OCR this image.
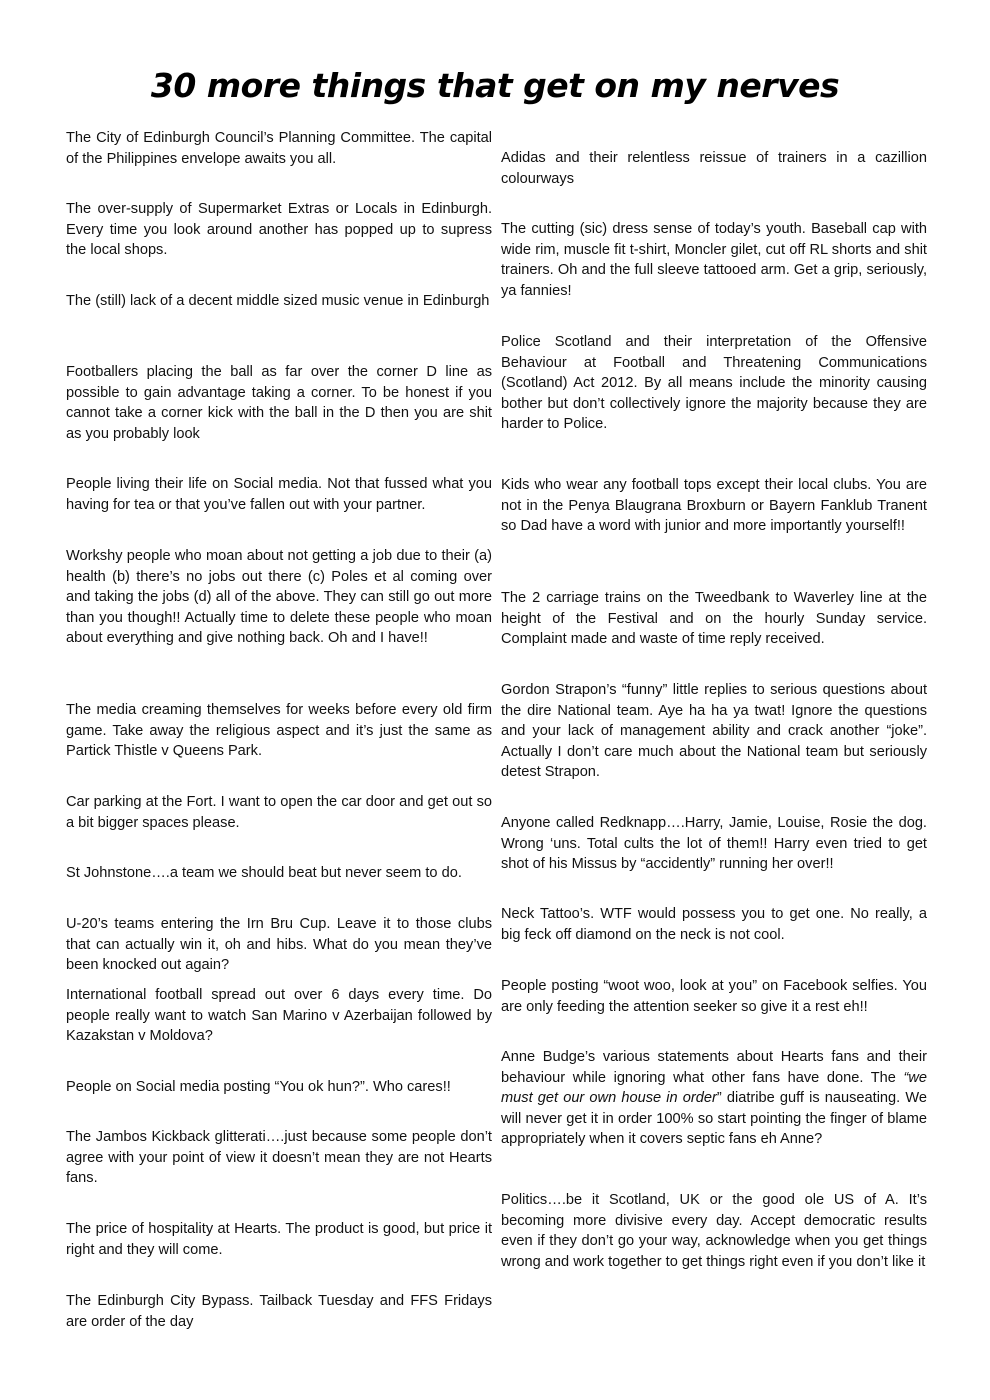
30 more things that get on my nerves

The City of Edinburgh Council’s Planning Committee. The capital of the Philippines envelope awaits you all.

The over-supply of Supermarket Extras or Locals in Edinburgh. Every time you look around another has popped up to supress the local shops.

The (still) lack of a decent middle sized music venue in Edinburgh

Footballers placing the ball as far over the corner D line as possible to gain advantage taking a corner. To be honest if you cannot take a corner kick with the ball in the D then you are shit as you probably look

People living their life on Social media. Not that fussed what you having for tea or that you’ve fallen out with your partner.

Workshy people who moan about not getting a job due to their (a) health (b) there’s no jobs out there (c) Poles et al coming over and taking the jobs (d) all of the above. They can still go out more than you though!! Actually time to delete these people who moan about everything and give nothing back. Oh and I have!!

The media creaming themselves for weeks before every old firm game. Take away the religious aspect and it’s just the same as Partick Thistle v Queens Park.

Car parking at the Fort. I want to open the car door and get out so a bit bigger spaces please.

St Johnstone….a team we should beat but never seem to do.

U-20’s teams entering the Irn Bru Cup. Leave it to those clubs that can actually win it, oh and hibs. What do you mean they’ve been knocked out again?

International football spread out over 6 days every time. Do people really want to watch San Marino v Azerbaijan followed by Kazakstan v Moldova?

People on Social media posting “You ok hun?”. Who cares!!

The Jambos Kickback glitterati….just because some people don’t agree with your point of view it doesn’t mean they are not Hearts fans.

The price of hospitality at Hearts. The product is good, but price it right and they will come.

The Edinburgh City Bypass. Tailback Tuesday and FFS Fridays are order of the day

Adidas and their relentless reissue of trainers in a cazillion colourways

The cutting (sic) dress sense of today’s youth. Baseball cap with wide rim, muscle fit t-shirt, Moncler gilet, cut off RL shorts and shit trainers. Oh and the full sleeve tattooed arm. Get a grip, seriously, ya fannies!

Police Scotland and their interpretation of the Offensive Behaviour at Football and Threatening Communications (Scotland) Act 2012. By all means include the minority causing bother but don’t collectively ignore the majority because they are harder to Police.

Kids who wear any football tops except their local clubs. You are not in the Penya Blaugrana Broxburn or Bayern Fanklub Tranent so Dad have a word with junior and more importantly yourself!!

The 2 carriage trains on the Tweedbank to Waverley line at the height of the Festival and on the hourly Sunday service. Complaint made and waste of time reply received.

Gordon Strapon’s “funny” little replies to serious questions about the dire National team. Aye ha ha ya twat! Ignore the questions and your lack of management ability and crack another “joke”. Actually I don’t care much about the National team but seriously detest Strapon.

Anyone called Redknapp….Harry, Jamie, Louise, Rosie the dog. Wrong ‘uns. Total cults the lot of them!! Harry even tried to get shot of his Missus by “accidently” running her over!!

Neck Tattoo’s. WTF would possess you to get one. No really, a big feck off diamond on the neck is not cool.

People posting “woot woo, look at you” on Facebook selfies. You are only feeding the attention seeker so give it a rest eh!!

Anne Budge’s various statements about Hearts fans and their behaviour while ignoring what other fans have done. The “we must get our own house in order” diatribe guff is nauseating. We will never get it in order 100% so start pointing the finger of blame appropriately when it covers septic fans eh Anne?

Politics….be it Scotland, UK or the good ole US of A. It’s becoming more divisive every day. Accept democratic results even if they don’t go your way, acknowledge when you get things wrong and work together to get things right even if you don’t like it
